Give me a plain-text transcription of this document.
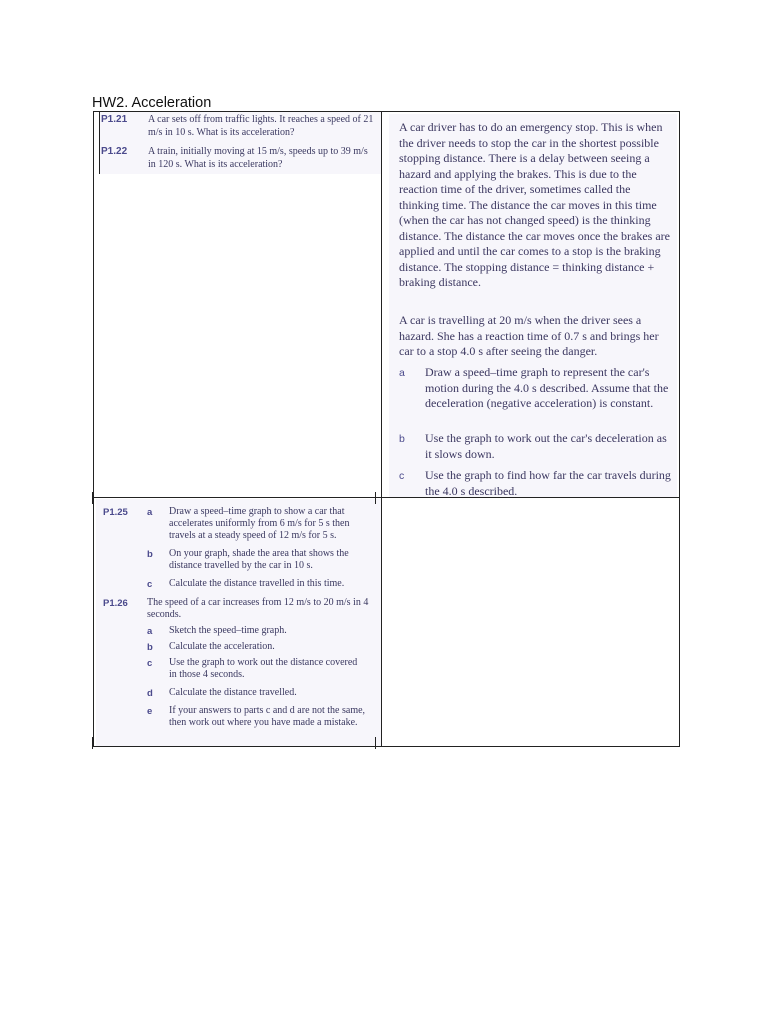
HW2. Acceleration
P1.21 A car sets off from traffic lights. It reaches a speed of 21 m/s in 10 s. What is its acceleration?
P1.22 A train, initially moving at 15 m/s, speeds up to 39 m/s in 120 s. What is its acceleration?
A car driver has to do an emergency stop. This is when the driver needs to stop the car in the shortest possible stopping distance. There is a delay between seeing a hazard and applying the brakes. This is due to the reaction time of the driver, sometimes called the thinking time. The distance the car moves in this time (when the car has not changed speed) is the thinking distance. The distance the car moves once the brakes are applied and until the car comes to a stop is the braking distance. The stopping distance = thinking distance + braking distance.
A car is travelling at 20 m/s when the driver sees a hazard. She has a reaction time of 0.7 s and brings her car to a stop 4.0 s after seeing the danger.
a Draw a speed–time graph to represent the car's motion during the 4.0 s described. Assume that the deceleration (negative acceleration) is constant.
b Use the graph to work out the car's deceleration as it slows down.
c Use the graph to find how far the car travels during the 4.0 s described.
P1.25 a Draw a speed–time graph to show a car that accelerates uniformly from 6 m/s for 5 s then travels at a steady speed of 12 m/s for 5 s.
b On your graph, shade the area that shows the distance travelled by the car in 10 s.
c Calculate the distance travelled in this time.
P1.26 The speed of a car increases from 12 m/s to 20 m/s in 4 seconds.
a Sketch the speed–time graph.
b Calculate the acceleration.
c Use the graph to work out the distance covered in those 4 seconds.
d Calculate the distance travelled.
e If your answers to parts c and d are not the same, then work out where you have made a mistake.
